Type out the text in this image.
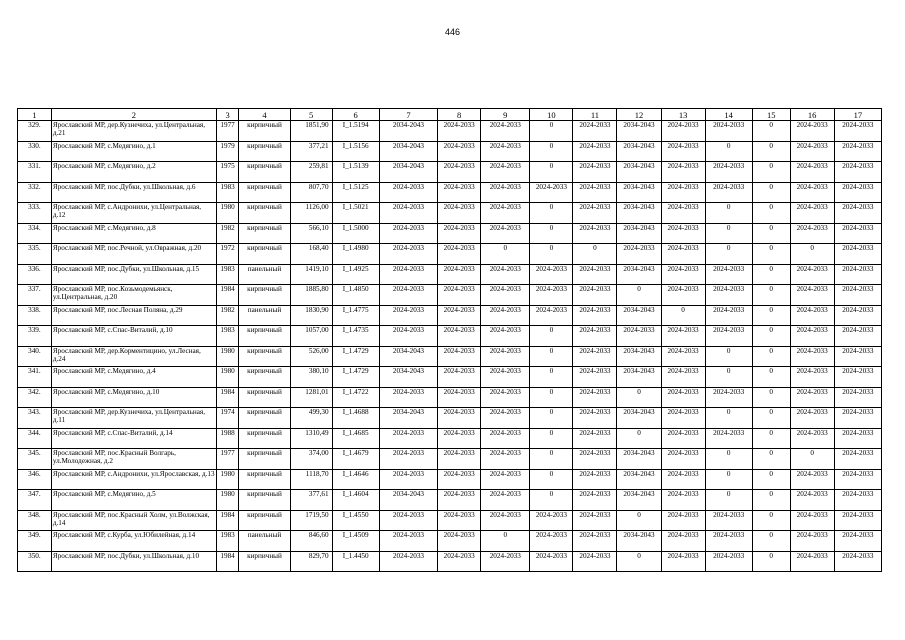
446
1	2	3	4	5	6	7	8	9	10	11	12	13	14	15	16	17
329.	Ярославский МР, дер.Кузнечиха, ул.Центральная, д.21	1977	кирпичный	1851,90	I_1.5194	2034-2043	2024-2033	2024-2033	0	2024-2033	2034-2043	2024-2033	2024-2033	0	2024-2033	2024-2033
330.	Ярославский МР, с.Медягино, д.1	1979	кирпичный	377,21	I_1.5156	2034-2043	2024-2033	2024-2033	0	2024-2033	2034-2043	2024-2033	0	0	2024-2033	2024-2033
331.	Ярославский МР, с.Медягино, д.2	1975	кирпичный	259,81	I_1.5139	2034-2043	2024-2033	2024-2033	0	2024-2033	2034-2043	2024-2033	2024-2033	0	2024-2033	2024-2033
332.	Ярославский МР, пос.Дубки, ул.Школьная, д.6	1983	кирпичный	807,70	I_1.5125	2024-2033	2024-2033	2024-2033	2024-2033	2024-2033	2034-2043	2024-2033	2024-2033	0	2024-2033	2024-2033
333.	Ярославский МР, с.Андронихи, ул.Центральная, д.12	1980	кирпичный	1126,00	I_1.5021	2024-2033	2024-2033	2024-2033	0	2024-2033	2034-2043	2024-2033	0	0	2024-2033	2024-2033
334.	Ярославский МР, с.Медягино, д.8	1982	кирпичный	566,10	I_1.5000	2024-2033	2024-2033	2024-2033	0	2024-2033	2034-2043	2024-2033	0	0	2024-2033	2024-2033
335.	Ярославский МР, пос.Речной, ул.Овражная, д.20	1972	кирпичный	168,40	I_1.4980	2024-2033	2024-2033	0	0	0	2024-2033	2024-2033	0	0	0	2024-2033
336.	Ярославский МР, пос.Дубки, ул.Школьная, д.15	1983	панельный	1419,10	I_1.4925	2024-2033	2024-2033	2024-2033	2024-2033	2024-2033	2034-2043	2024-2033	2024-2033	0	2024-2033	2024-2033
337.	Ярославский МР, пос.Козьмодемьянск, ул.Центральная, д.20	1984	кирпичный	1885,80	I_1.4850	2024-2033	2024-2033	2024-2033	2024-2033	2024-2033	0	2024-2033	2024-2033	0	2024-2033	2024-2033
338.	Ярославский МР, пос.Лесная Поляна, д.29	1982	панельный	1830,90	I_1.4775	2024-2033	2024-2033	2024-2033	2024-2033	2024-2033	2034-2043	0	2024-2033	0	2024-2033	2024-2033
339.	Ярославский МР, с.Спас-Виталий, д.10	1983	кирпичный	1057,00	I_1.4735	2024-2033	2024-2033	2024-2033	0	2024-2033	2024-2033	2024-2033	2024-2033	0	2024-2033	2024-2033
340.	Ярославский МР, дер.Корментицино, ул.Лесная, д.24	1980	кирпичный	526,00	I_1.4729	2034-2043	2024-2033	2024-2033	0	2024-2033	2034-2043	2024-2033	0	0	2024-2033	2024-2033
341.	Ярославский МР, с.Медягино, д.4	1980	кирпичный	380,10	I_1.4729	2034-2043	2024-2033	2024-2033	0	2024-2033	2034-2043	2024-2033	0	0	2024-2033	2024-2033
342.	Ярославский МР, с.Медягино, д.10	1984	кирпичный	1281,01	I_1.4722	2024-2033	2024-2033	2024-2033	0	2024-2033	0	2024-2033	2024-2033	0	2024-2033	2024-2033
343.	Ярославский МР, дер.Кузнечиха, ул.Центральная, д.11	1974	кирпичный	499,30	I_1.4688	2034-2043	2024-2033	2024-2033	0	2024-2033	2034-2043	2024-2033	0	0	2024-2033	2024-2033
344.	Ярославский МР, с.Спас-Виталий, д.14	1988	кирпичный	1310,49	I_1.4685	2024-2033	2024-2033	2024-2033	0	2024-2033	0	2024-2033	2024-2033	0	2024-2033	2024-2033
345.	Ярославский МР, пос.Красный Волгарь, ул.Молодежная, д.2	1977	кирпичный	374,00	I_1.4679	2024-2033	2024-2033	2024-2033	0	2024-2033	2034-2043	2024-2033	0	0	0	2024-2033
346.	Ярославский МР, с.Андронихи, ул.Ярославская, д.13	1980	кирпичный	1118,70	I_1.4646	2024-2033	2024-2033	2024-2033	0	2024-2033	2034-2043	2024-2033	0	0	2024-2033	2024-2033
347.	Ярославский МР, с.Медягино, д.5	1980	кирпичный	377,61	I_1.4604	2034-2043	2024-2033	2024-2033	0	2024-2033	2034-2043	2024-2033	0	0	2024-2033	2024-2033
348.	Ярославский МР, пос.Красный Холм, ул.Волжская, д.14	1984	кирпичный	1719,50	I_1.4550	2024-2033	2024-2033	2024-2033	2024-2033	2024-2033	0	2024-2033	2024-2033	0	2024-2033	2024-2033
349.	Ярославский МР, с.Курба, ул.Юбилейная, д.14	1983	панельный	846,60	I_1.4509	2024-2033	2024-2033	0	2024-2033	2024-2033	2034-2043	2024-2033	2024-2033	0	2024-2033	2024-2033
350.	Ярославский МР, пос.Дубки, ул.Школьная, д.10	1984	кирпичный	829,70	I_1.4450	2024-2033	2024-2033	2024-2033	2024-2033	2024-2033	0	2024-2033	2024-2033	0	2024-2033	2024-2033
